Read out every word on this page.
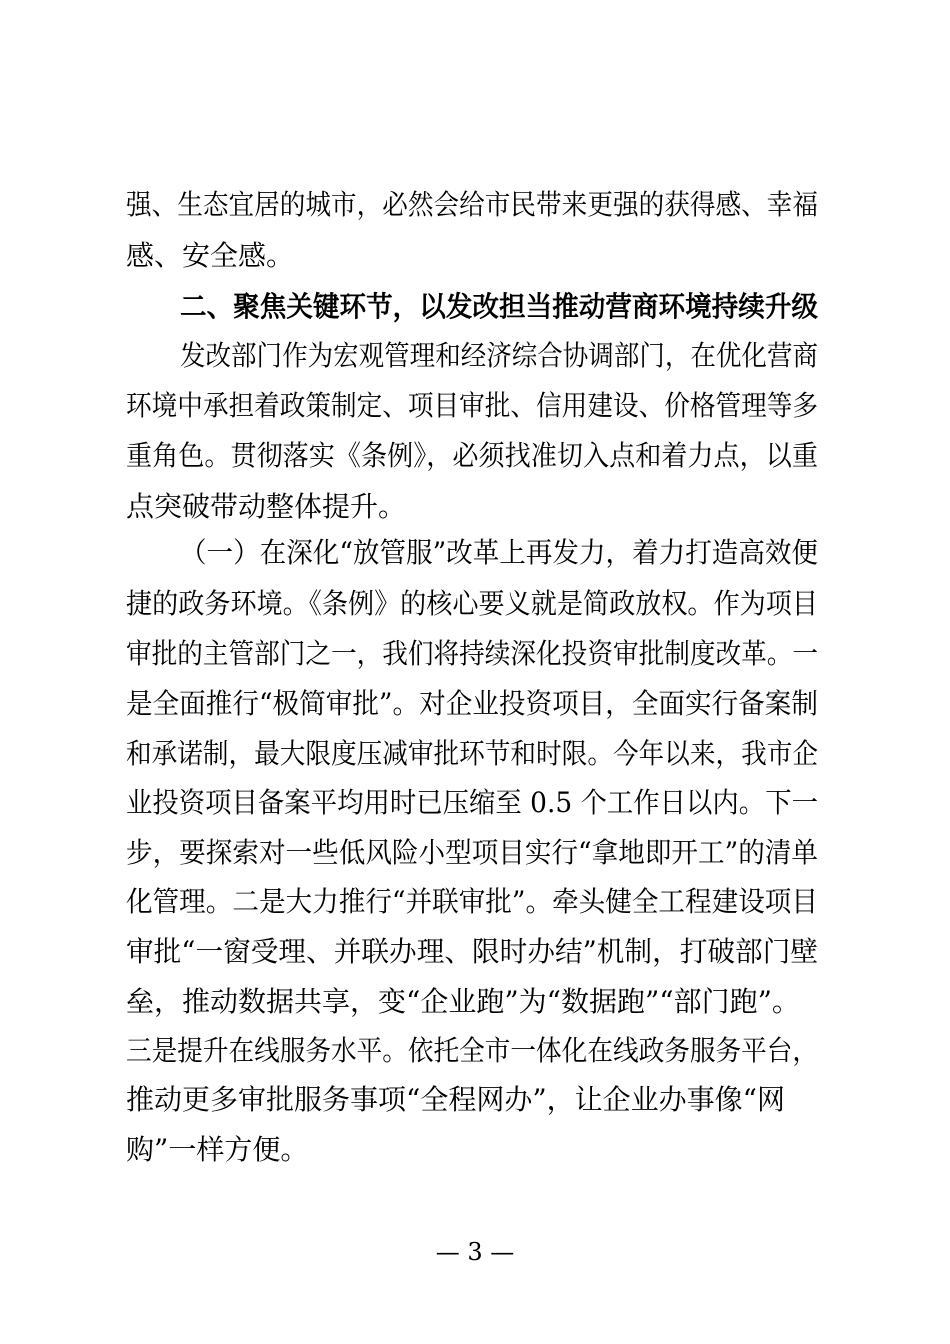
强、生态宜居的城市，必然会给市民带来更强的获得感、幸福

感、安全感。

二、聚焦关键环节，以发改担当推动营商环境持续升级

发改部门作为宏观管理和经济综合协调部门，在优化营商

环境中承担着政策制定、项目审批、信用建设、价格管理等多

重角色。贯彻落实《条例》，必须找准切入点和着力点，以重

点突破带动整体提升。

（一）在深化“放管服”改革上再发力，着力打造高效便

捷的政务环境。《条例》的核心要义就是简政放权。作为项目

审批的主管部门之一，我们将持续深化投资审批制度改革。一

是全面推行“极简审批”。对企业投资项目，全面实行备案制

和承诺制，最大限度压减审批环节和时限。今年以来，我市企

业投资项目备案平均用时已压缩至 0.5 个工作日以内。下一

步，要探索对一些低风险小型项目实行“拿地即开工”的清单

化管理。二是大力推行“并联审批”。牵头健全工程建设项目

审批“一窗受理、并联办理、限时办结”机制，打破部门壁

垒，推动数据共享，变“企业跑”为“数据跑”“部门跑”。

三是提升在线服务水平。依托全市一体化在线政务服务平台，

推动更多审批服务事项“全程网办”，让企业办事像“网

购”一样方便。

— 3 —
